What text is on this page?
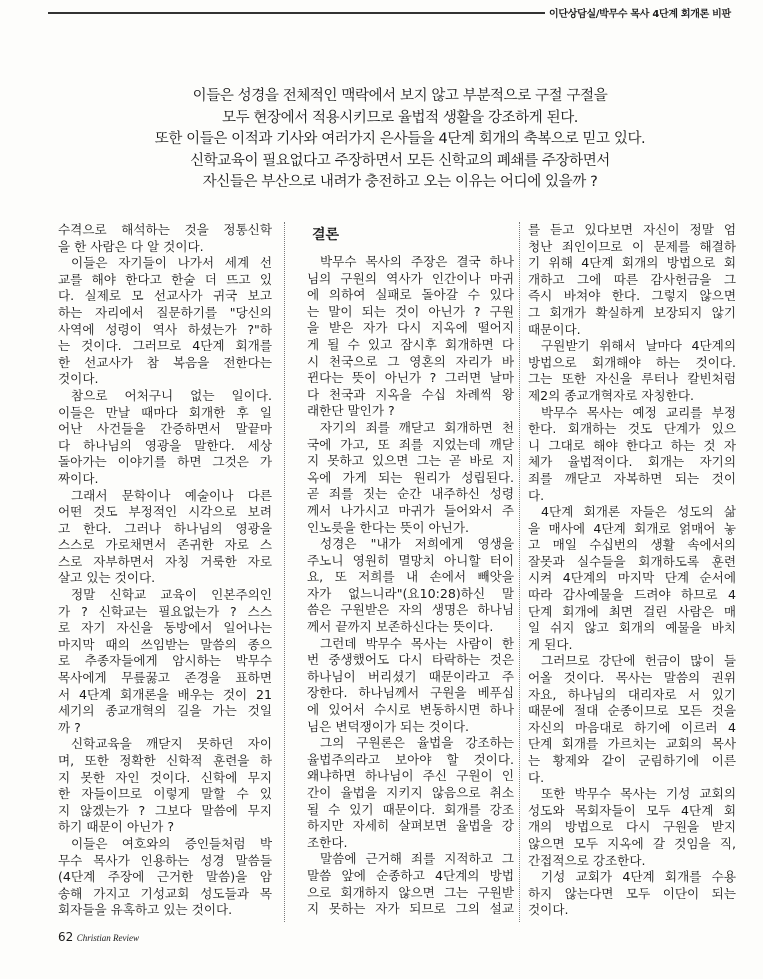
이단상담실/박무수 목사 4단계 회개론 비판
이들은 성경을 전체적인 맥락에서 보지 않고 부분적으로 구절 구절을
모두 현장에서 적용시키므로 율법적 생활을 강조하게 된다.
또한 이들은 이적과 기사와 여러가지 은사들을 4단계 회개의 축복으로 믿고 있다.
신학교육이 필요없다고 주장하면서 모든 신학교의 폐쇄를 주장하면서
자신들은 부산으로 내려가 충전하고 오는 이유는 어디에 있을까 ?
결론
수격으로 해석하는 것을 정통신학
을 한 사람은 다 알 것이다.
이들은 자기들이 나가서 세계 선
교를 해야 한다고 한술 더 뜨고 있
다. 실제로 모 선교사가 귀국 보고
하는 자리에서 질문하기를 "당신의
사역에 성령이 역사 하셨는가 ?"하
는 것이다. 그러므로 4단계 회개를
한 선교사가 참 복음을 전한다는
것이다.
참으로 어처구니 없는 일이다.
이들은 만날 때마다 회개한 후 일
어난 사건들을 간증하면서 말끝마
다 하나님의 영광을 말한다. 세상
돌아가는 이야기를 하면 그것은 가
짜이다.
그래서 문학이나 예술이나 다른
어떤 것도 부정적인 시각으로 보려
고 한다. 그러나 하나님의 영광을
스스로 가로채면서 존귀한 자로 스
스로 자부하면서 자칭 거룩한 자로
살고 있는 것이다.
정말 신학교 교육이 인본주의인
가 ? 신학교는 필요없는가 ? 스스
로 자기 자신을 동방에서 일어나는
마지막 때의 쓰임받는 말씀의 종으
로 추종자들에게 암시하는 박무수
목사에게 무릎꿇고 존경을 표하면
서 4단계 회개론을 배우는 것이 21
세기의 종교개혁의 길을 가는 것일
까 ?
신학교육을 깨닫지 못하던 자이
며, 또한 정확한 신학적 훈련을 하
지 못한 자인 것이다. 신학에 무지
한 자들이므로 이렇게 말할 수 있
지 않겠는가 ? 그보다 말씀에 무지
하기 때문이 아닌가 ?
이들은 여호와의 증인들처럼 박
무수 목사가 인용하는 성경 말씀들
(4단계 주장에 근거한 말씀)을 암
송해 가지고 기성교회 성도들과 목
회자들을 유혹하고 있는 것이다.
박무수 목사의 주장은 결국 하나
님의 구원의 역사가 인간이나 마귀
에 의하여 실패로 돌아갈 수 있다
는 말이 되는 것이 아닌가 ? 구원
을 받은 자가 다시 지옥에 떨어지
게 될 수 있고 잠시후 회개하면 다
시 천국으로 그 영혼의 자리가 바
뀐다는 뜻이 아닌가 ? 그러면 날마
다 천국과 지옥을 수십 차례씩 왕
래한단 말인가 ?
자기의 죄를 깨닫고 회개하면 천
국에 가고, 또 죄를 지었는데 깨닫
지 못하고 있으면 그는 곧 바로 지
옥에 가게 되는 원리가 성립된다.
곧 죄를 짓는 순간 내주하신 성령
께서 나가시고 마귀가 들어와서 주
인노릇을 한다는 뜻이 아닌가.
성경은 "내가 저희에게 영생을
주노니 영원히 멸망치 아니할 터이
요, 또 저희를 내 손에서 빼앗을
자가 없느니라"(요10:28)하신 말
씀은 구원받은 자의 생명은 하나님
께서 끝까지 보존하신다는 뜻이다.
그런데 박무수 목사는 사람이 한
번 중생했어도 다시 타락하는 것은
하나님이 버리셨기 때문이라고 주
장한다. 하나님께서 구원을 베푸심
에 있어서 수시로 변동하시면 하나
님은 변덕쟁이가 되는 것이다.
그의 구원론은 율법을 강조하는
율법주의라고 보아야 할 것이다.
왜냐하면 하나님이 주신 구원이 인
간이 율법을 지키지 않음으로 취소
될 수 있기 때문이다. 회개를 강조
하지만 자세히 살펴보면 율법을 강
조한다.
말씀에 근거해 죄를 지적하고 그
말씀 앞에 순종하고 4단계의 방법
으로 회개하지 않으면 그는 구원받
지 못하는 자가 되므로 그의 설교
를 듣고 있다보면 자신이 정말 엄
청난 죄인이므로 이 문제를 해결하
기 위해 4단계 회개의 방법으로 회
개하고 그에 따른 감사헌금을 그
즉시 바쳐야 한다. 그렇지 않으면
그 회개가 확실하게 보장되지 않기
때문이다.
구원받기 위해서 날마다 4단계의
방법으로 회개해야 하는 것이다.
그는 또한 자신을 루터나 칼빈처럼
제2의 종교개혁자로 자칭한다.
박무수 목사는 예정 교리를 부정
한다. 회개하는 것도 단계가 있으
니 그대로 해야 한다고 하는 것 자
체가 율법적이다. 회개는 자기의
죄를 깨닫고 자복하면 되는 것이
다.
4단계 회개론 자들은 성도의 삶
을 매사에 4단계 회개로 얽매어 놓
고 매일 수십번의 생활 속에서의
잘못과 실수들을 회개하도록 훈련
시켜 4단계의 마지막 단계 순서에
따라 감사예물을 드려야 하므로 4
단계 회개에 최면 걸린 사람은 매
일 쉬지 않고 회개의 예물을 바치
게 된다.
그러므로 강단에 헌금이 많이 들
어올 것이다. 목사는 말씀의 권위
자요, 하나님의 대리자로 서 있기
때문에 절대 순종이므로 모든 것을
자신의 마음대로 하기에 이르러 4
단계 회개를 가르치는 교회의 목사
는 황제와 같이 군림하기에 이른
다.
또한 박무수 목사는 기성 교회의
성도와 목회자들이 모두 4단계 회
개의 방법으로 다시 구원을 받지
않으면 모두 지옥에 갈 것임을 직,
간접적으로 강조한다.
기성 교회가 4단계 회개를 수용
하지 않는다면 모두 이단이 되는
것이다.
62 Christian Review
